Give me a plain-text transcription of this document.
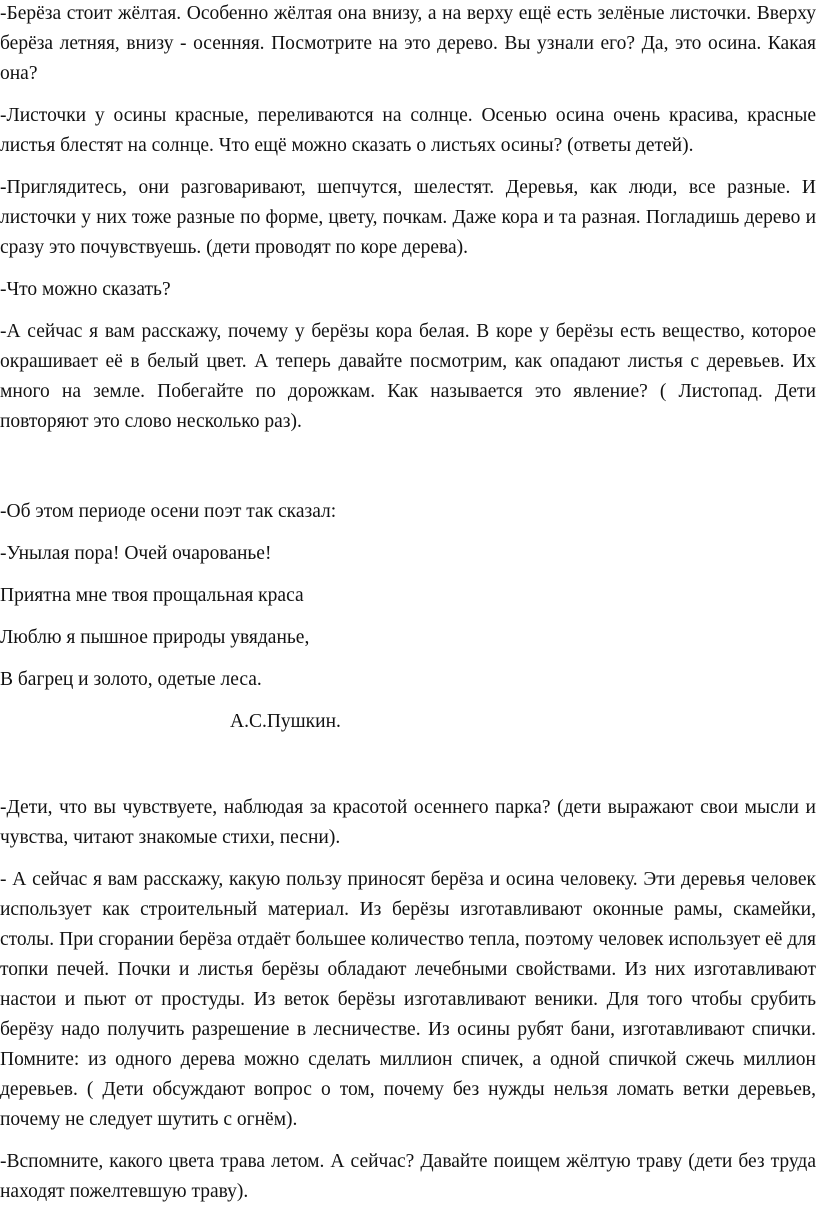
-Берёза стоит жёлтая. Особенно жёлтая она внизу, а на верху ещё есть зелёные листочки. Вверху берёза летняя, внизу - осенняя. Посмотрите на это дерево. Вы узнали его? Да, это осина. Какая она?

-Листочки у осины красные, переливаются на солнце. Осенью осина очень красива, красные листья блестят на солнце. Что ещё можно сказать о листьях осины? (ответы детей).

-Приглядитесь, они разговаривают, шепчутся, шелестят. Деревья, как люди, все разные. И листочки у них тоже разные по форме, цвету, почкам. Даже кора и та разная. Погладишь дерево и сразу это почувствуешь. (дети проводят по коре дерева).

-Что можно сказать?

-А сейчас я вам расскажу, почему у берёзы кора белая. В коре у берёзы есть вещество, которое окрашивает её в белый цвет. А теперь давайте посмотрим, как опадают листья с деревьев. Их много на земле. Побегайте по дорожкам. Как называется это явление? ( Листопад. Дети повторяют это слово несколько раз).

-Об этом периоде осени поэт так сказал:

-Унылая пора! Очей очарованье!

Приятна мне твоя прощальная краса

Люблю я пышное природы увяданье,

В багрец и золото, одетые леса.

А.С.Пушкин.

-Дети, что вы чувствуете, наблюдая за красотой осеннего парка? (дети выражают свои мысли и чувства, читают знакомые стихи, песни).

- А сейчас я вам расскажу, какую пользу приносят берёза и осина человеку. Эти деревья человек использует как строительный материал. Из берёзы изготавливают оконные рамы, скамейки, столы. При сгорании берёза отдаёт большее количество тепла, поэтому человек использует её для топки печей. Почки и листья берёзы обладают лечебными свойствами. Из них изготавливают настои и пьют от простуды. Из веток берёзы изготавливают веники. Для того чтобы срубить берёзу надо получить разрешение в лесничестве. Из осины рубят бани, изготавливают спички. Помните: из одного дерева можно сделать миллион спичек, а одной спичкой сжечь миллион деревьев. ( Дети обсуждают вопрос о том, почему без нужды нельзя ломать ветки деревьев, почему не следует шутить с огнём).

-Вспомните, какого цвета трава летом. А сейчас? Давайте поищем жёлтую траву (дети без труда находят пожелтевшую траву).
